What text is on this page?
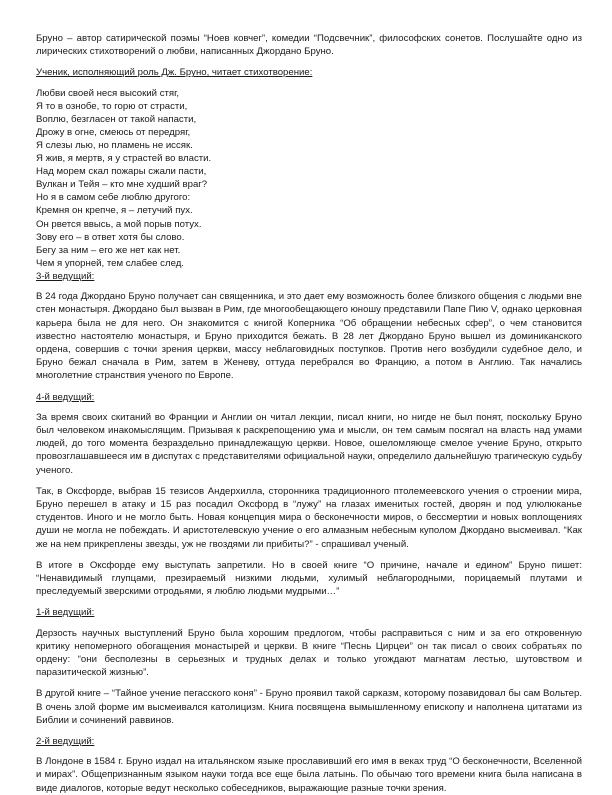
Бруно – автор сатирической поэмы “Ноев ковчег”, комедии “Подсвечник”, философских сонетов. Послушайте одно из лирических стихотворений о любви, написанных Джордано Бруно.

Ученик, исполняющий роль Дж. Бруно, читает стихотворение:
Любви своей неся высокий стяг,
Я то в ознобе, то горю от страсти,
Воплю, безгласен от такой напасти,
Дрожу в огне, смеюсь от передряг,
Я слезы лью, но пламень не иссяк.
Я жив, я мертв, я у страстей во власти.
Над морем скал пожары сжали пасти,
Вулкан и Тейя – кто мне худший враг?
Но я в самом себе люблю другого:
Кремня он крепче, я – летучий пух.
Он рвется ввысь, а мой порыв потух.
Зову его – в ответ хотя бы слово.
Бегу за ним – его же нет как нет.
Чем я упорней, тем слабее след.
3-й ведущий:

В 24 года Джордано Бруно получает сан священника, и это дает ему возможность более близкого общения с людьми вне стен монастыря. Джордано был вызван в Рим, где многообещающего юношу представили Папе Пию V, однако церковная карьера была не для него. Он знакомится с книгой Коперника “Об обращении небесных сфер”, о чем становится известно настоятелю монастыря, и Бруно приходится бежать. В 28 лет Джордано Бруно вышел из доминиканского ордена, совершив с точки зрения церкви, массу неблаговидных поступков. Против него возбудили судебное дело, и Бруно бежал сначала в Рим, затем в Женеву, оттуда перебрался во Францию, а потом в Англию. Так начались многолетние странствия ученого по Европе.

4-й ведущий:

За время своих скитаний во Франции и Англии он читал лекции, писал книги, но нигде не был понят, поскольку Бруно был человеком инакомыслящим. Призывая к раскрепощению ума и мысли, он тем самым посягал на власть над умами людей, до того момента безраздельно принадлежащую церкви. Новое, ошеломляюще смелое учение Бруно, открыто провозглашавшееся им в диспутах с представителями официальной науки, определило дальнейшую трагическую судьбу ученого.

Так, в Оксфорде, выбрав 15 тезисов Андерхилла, сторонника традиционного птолемеевского учения о строении мира, Бруно перешел в атаку и 15 раз посадил Оксфорд в “лужу” на глазах именитых гостей, дворян и под улюлюканье студентов. Иного и не могло быть. Новая концепция мира о бесконечности миров, о бессмертии и новых воплощениях души не могла не побеждать. И аристотелевскую учение о его алмазным небесным куполом Джордано высмеивал. “Как же на нем прикреплены звезды, уж не гвоздями ли прибиты?” - спрашивал ученый.

В итоге в Оксфорде ему выступать запретили. Но в своей книге “О причине, начале и едином” Бруно пишет: “Ненавидимый глупцами, презираемый низкими людьми, хулимый неблагородными, порицаемый плутами и преследуемый зверскими отродьями, я люблю людьми мудрыми…”

1-й ведущий:

Дерзость научных выступлений Бруно была хорошим предлогом, чтобы расправиться с ним и за его откровенную критику непомерного обогащения монастырей и церкви. В книге “Песнь Цирцеи” он так писал о своих собратьях по ордену: “они бесполезны в серьезных и трудных делах и только угождают магнатам лестью, шутовством и паразитической жизнью”.

В другой книге – “Тайное учение пегасского коня” - Бруно проявил такой сарказм, которому позавидовал бы сам Вольтер. В очень злой форме им высмеивался католицизм. Книга посвящена вымышленному епископу и наполнена цитатами из Библии и сочинений раввинов.

2-й ведущий:

В Лондоне в 1584 г. Бруно издал на итальянском языке прославивший его имя в веках труд “О бесконечности, Вселенной и мирах”. Общепризнанным языком науки тогда все еще была латынь. По обычаю того времени книга была написана в виде диалогов, которые ведут несколько собеседников, выражающие разные точки зрения.
